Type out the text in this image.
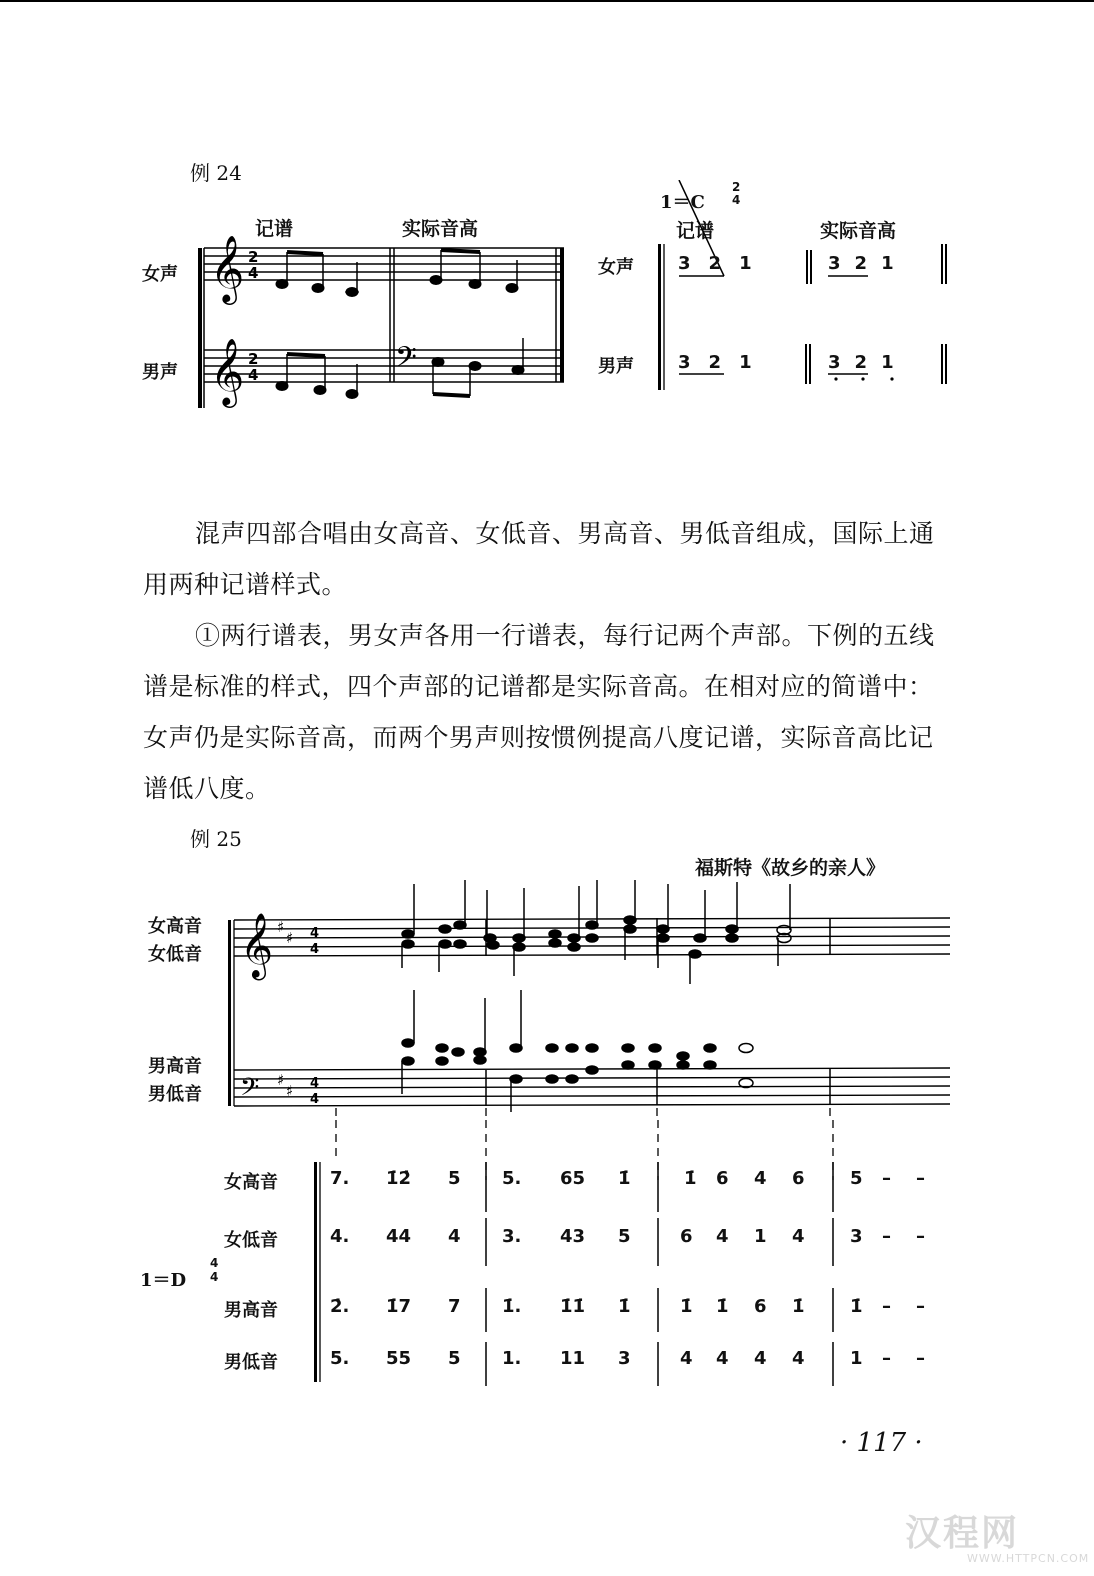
例 24
记谱	实际音高
女声
男声
𝄞
𝄞	𝄢
2
4
2
4
1＝C
2
4
记谱	实际音高
女声
男声
3 2 1	3 2 1
3 2 1	3 2 1

混声四部合唱由女高音、女低音、男高音、男低音组成，国际上通用两种记谱样式。

①两行谱表，男女声各用一行谱表，每行记两个声部。下例的五线谱是标准的样式，四个声部的记谱都是实际音高。在相对应的简谱中：女声仍是实际音高，而两个男声则按惯例提高八度记谱，实际音高比记谱低八度。

例 25
福斯特《故乡的亲人》
女高音
女低音
男高音
男低音
𝄞
𝄢
♯
♯
♯
♯
4
4
4
4
1＝D
4
4
女高音
女低音
男高音
男低音
7. 1̇2̇ 5 5. 65 1̇	1̇ 6 4 6	5 – –
4. 44 4 3. 43 5	6 4 1 4	3 – –
2̇. 1̇7 7 1̇. 1̇1̇ 1̇	1̇ 1̇ 6 1̇	1̇ – –
5. 55 5 1. 11 3	4 4 4 4	1 – –
· 117 ·
汉程网
WWW.HTTPCN.COM
